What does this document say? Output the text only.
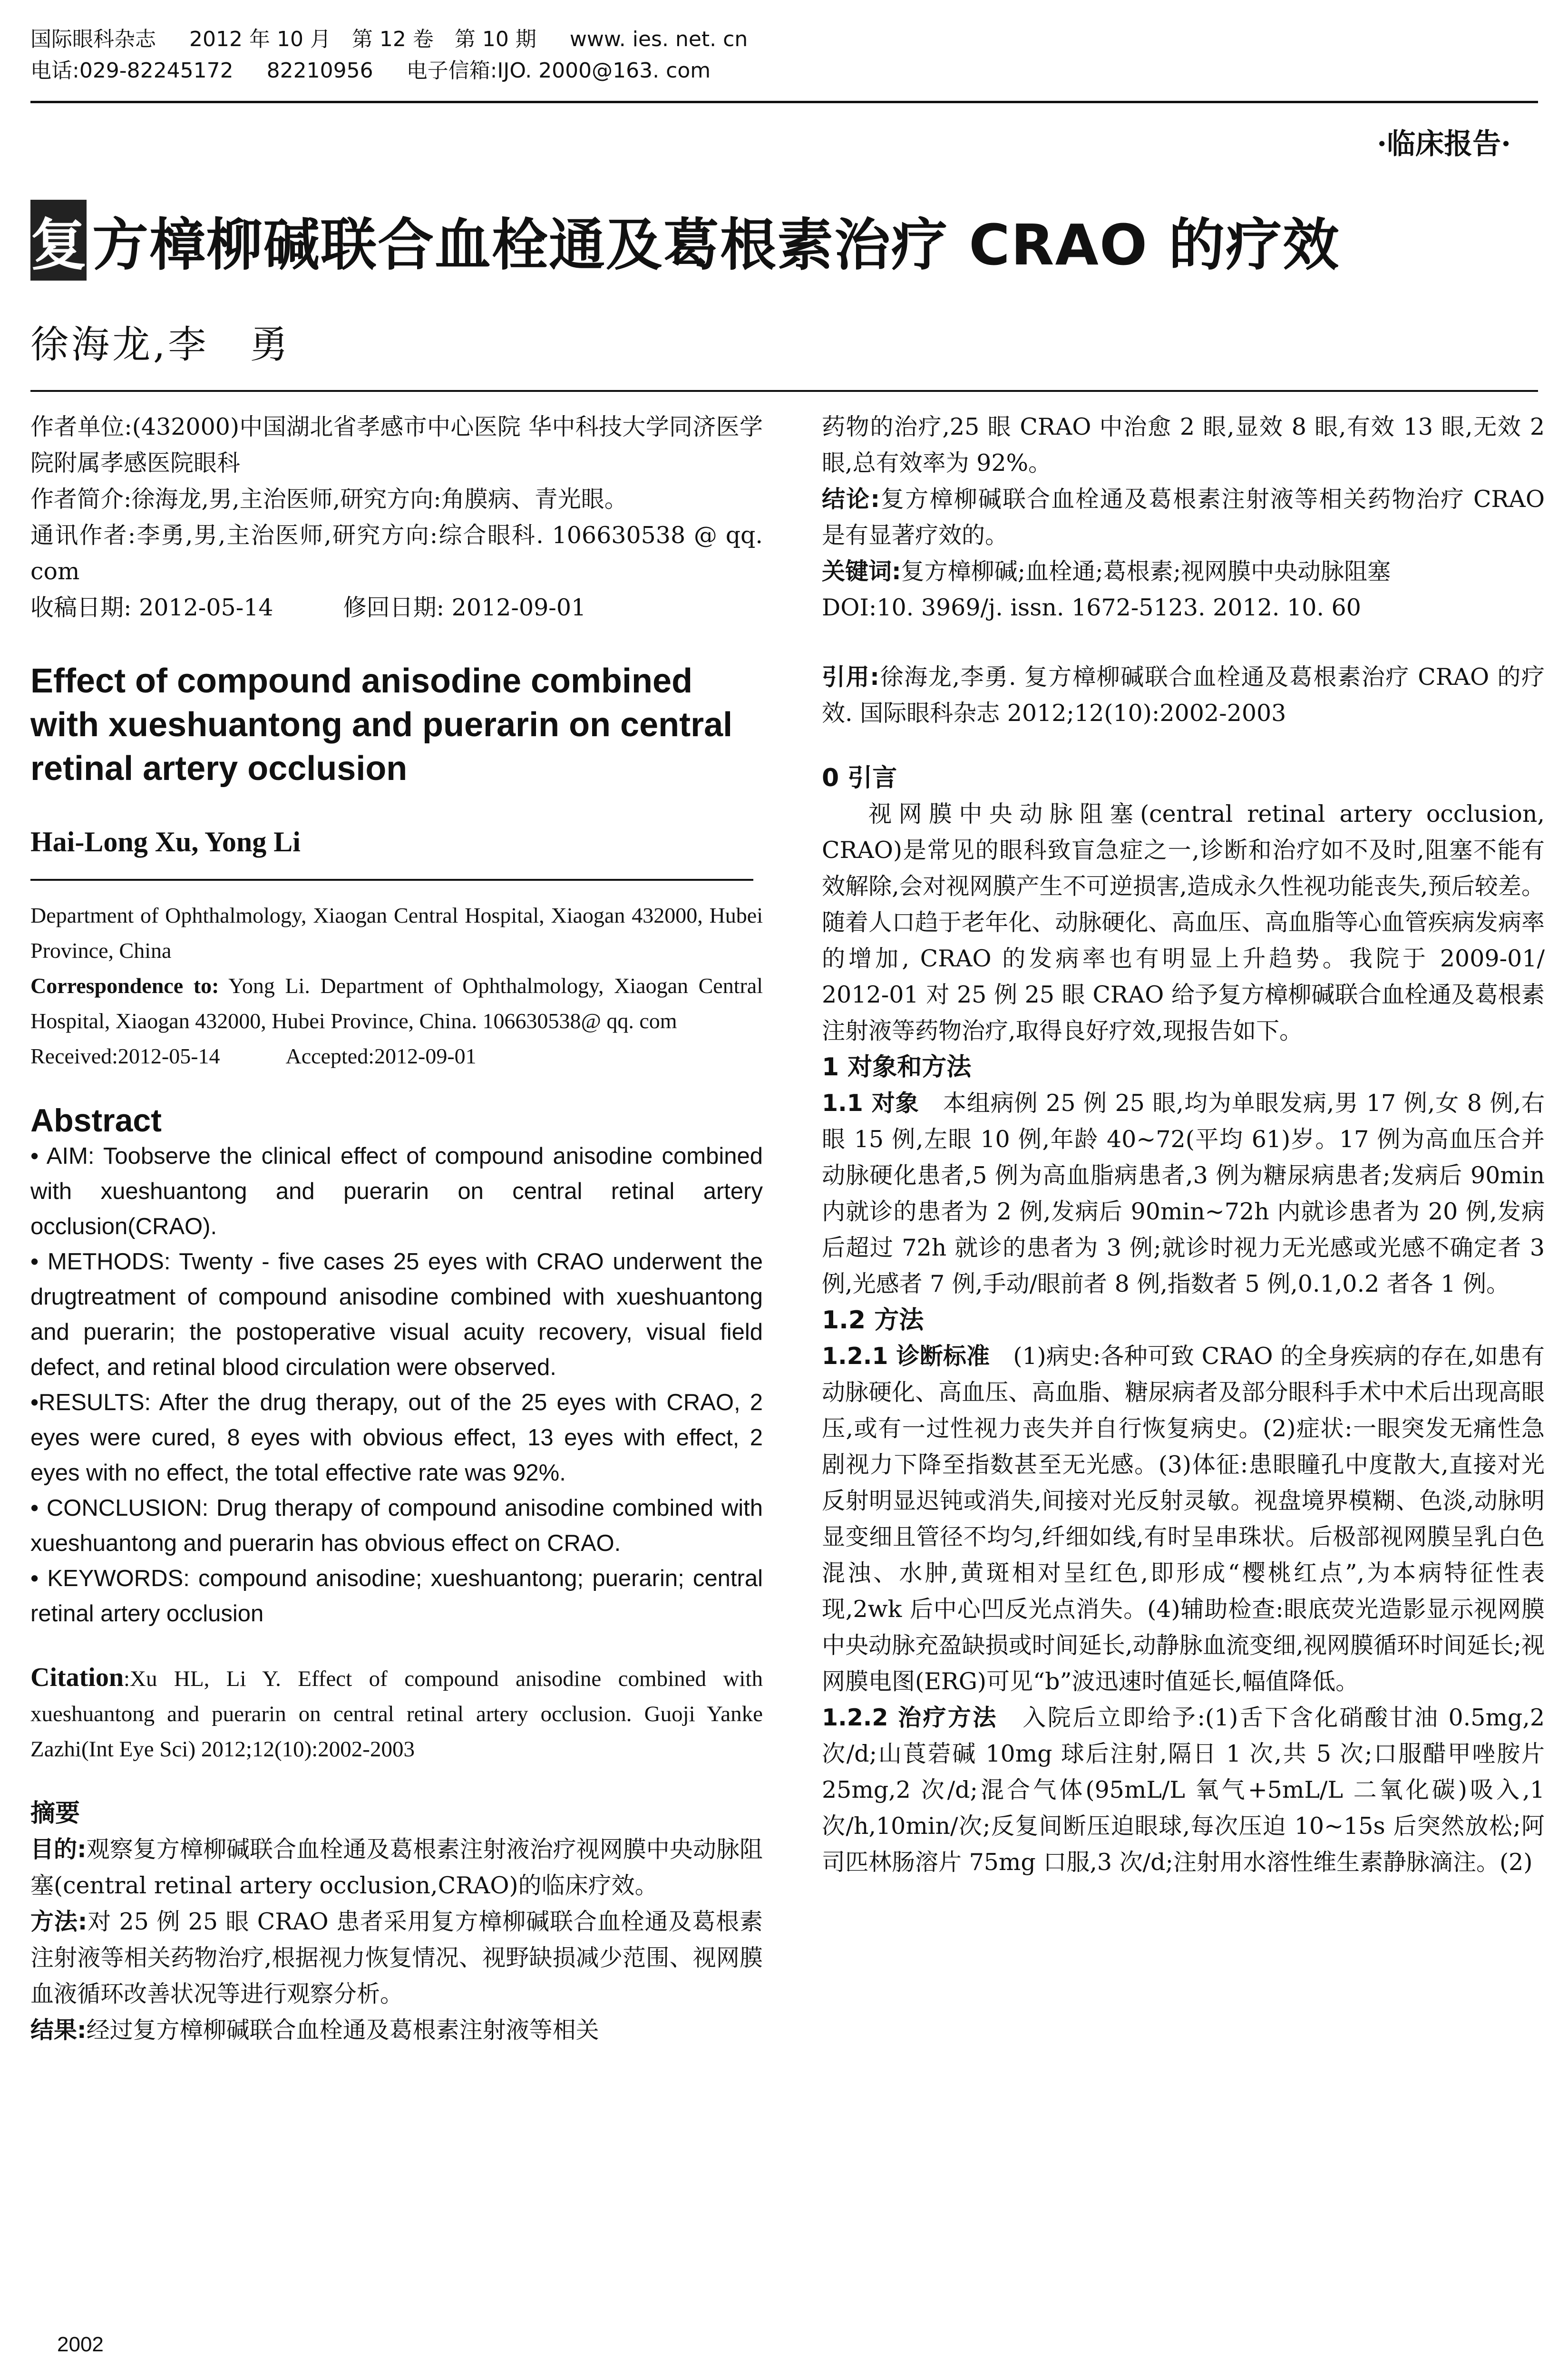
国际眼科杂志 2012 年 10 月　第 12 卷　第 10 期 www. ies. net. cn
电话:029-82245172 82210956 电子信箱:IJO. 2000@163. com
·临床报告·
复方樟柳碱联合血栓通及葛根素治疗 CRAO 的疗效
徐海龙,李　勇

作者单位:(432000)中国湖北省孝感市中心医院 华中科技大学同济医学院附属孝感医院眼科

作者简介:徐海龙,男,主治医师,研究方向:角膜病、青光眼。

通讯作者:李勇,男,主治医师,研究方向:综合眼科. 106630538 @ qq. com

收稿日期: 2012-05-14　　　修回日期: 2012-09-01

Effect of compound anisodine combined with xueshuantong and puerarin on central retinal artery occlusion

Hai-Long Xu, Yong Li

Department of Ophthalmology, Xiaogan Central Hospital, Xiaogan 432000, Hubei Province, China

Correspondence to: Yong Li. Department of Ophthalmology, Xiaogan Central Hospital, Xiaogan 432000, Hubei Province, China. 106630538@ qq. com

Received:2012-05-14　　　Accepted:2012-09-01

Abstract

• AIM: Toobserve the clinical effect of compound anisodine combined with xueshuantong and puerarin on central retinal artery occlusion(CRAO).

• METHODS: Twenty - five cases 25 eyes with CRAO underwent the drugtreatment of compound anisodine combined with xueshuantong and puerarin; the postoperative visual acuity recovery, visual field defect, and retinal blood circulation were observed.

•RESULTS: After the drug therapy, out of the 25 eyes with CRAO, 2 eyes were cured, 8 eyes with obvious effect, 13 eyes with effect, 2 eyes with no effect, the total effective rate was 92%.

• CONCLUSION: Drug therapy of compound anisodine combined with xueshuantong and puerarin has obvious effect on CRAO.

• KEYWORDS: compound anisodine; xueshuantong; puerarin; central retinal artery occlusion

Citation:Xu HL, Li Y. Effect of compound anisodine combined with xueshuantong and puerarin on central retinal artery occlusion. Guoji Yanke Zazhi(Int Eye Sci) 2012;12(10):2002-2003

摘要

目的:观察复方樟柳碱联合血栓通及葛根素注射液治疗视网膜中央动脉阻塞(central retinal artery occlusion,CRAO)的临床疗效。

方法:对 25 例 25 眼 CRAO 患者采用复方樟柳碱联合血栓通及葛根素注射液等相关药物治疗,根据视力恢复情况、视野缺损减少范围、视网膜血液循环改善状况等进行观察分析。

结果:经过复方樟柳碱联合血栓通及葛根素注射液等相关

药物的治疗,25 眼 CRAO 中治愈 2 眼,显效 8 眼,有效 13 眼,无效 2 眼,总有效率为 92%。

结论:复方樟柳碱联合血栓通及葛根素注射液等相关药物治疗 CRAO 是有显著疗效的。

关键词:复方樟柳碱;血栓通;葛根素;视网膜中央动脉阻塞

DOI:10. 3969/j. issn. 1672-5123. 2012. 10. 60

引用:徐海龙,李勇. 复方樟柳碱联合血栓通及葛根素治疗 CRAO 的疗效. 国际眼科杂志 2012;12(10):2002-2003

0 引言

视网膜中央动脉阻塞(central retinal artery occlusion, CRAO)是常见的眼科致盲急症之一,诊断和治疗如不及时,阻塞不能有效解除,会对视网膜产生不可逆损害,造成永久性视功能丧失,预后较差。随着人口趋于老年化、动脉硬化、高血压、高血脂等心血管疾病发病率的增加, CRAO 的发病率也有明显上升趋势。我院于 2009-01/ 2012-01 对 25 例 25 眼 CRAO 给予复方樟柳碱联合血栓通及葛根素注射液等药物治疗,取得良好疗效,现报告如下。

1 对象和方法

1.1 对象　本组病例 25 例 25 眼,均为单眼发病,男 17 例,女 8 例,右眼 15 例,左眼 10 例,年龄 40~72(平均 61)岁。17 例为高血压合并动脉硬化患者,5 例为高血脂病患者,3 例为糖尿病患者;发病后 90min 内就诊的患者为 2 例,发病后 90min~72h 内就诊患者为 20 例,发病后超过 72h 就诊的患者为 3 例;就诊时视力无光感或光感不确定者 3 例,光感者 7 例,手动/眼前者 8 例,指数者 5 例,0.1,0.2 者各 1 例。

1.2 方法

1.2.1 诊断标准　(1)病史:各种可致 CRAO 的全身疾病的存在,如患有动脉硬化、高血压、高血脂、糖尿病者及部分眼科手术中术后出现高眼压,或有一过性视力丧失并自行恢复病史。(2)症状:一眼突发无痛性急剧视力下降至指数甚至无光感。(3)体征:患眼瞳孔中度散大,直接对光反射明显迟钝或消失,间接对光反射灵敏。视盘境界模糊、色淡,动脉明显变细且管径不均匀,纤细如线,有时呈串珠状。后极部视网膜呈乳白色混浊、水肿,黄斑相对呈红色,即形成“樱桃红点”,为本病特征性表现,2wk 后中心凹反光点消失。(4)辅助检查:眼底荧光造影显示视网膜中央动脉充盈缺损或时间延长,动静脉血流变细,视网膜循环时间延长;视网膜电图(ERG)可见“b”波迅速时值延长,幅值降低。

1.2.2 治疗方法　入院后立即给予:(1)舌下含化硝酸甘油 0.5mg,2 次/d;山莨菪碱 10mg 球后注射,隔日 1 次,共 5 次;口服醋甲唑胺片 25mg,2 次/d;混合气体(95mL/L 氧气+5mL/L 二氧化碳)吸入,1 次/h,10min/次;反复间断压迫眼球,每次压迫 10~15s 后突然放松;阿司匹林肠溶片 75mg 口服,3 次/d;注射用水溶性维生素静脉滴注。(2)

2002
